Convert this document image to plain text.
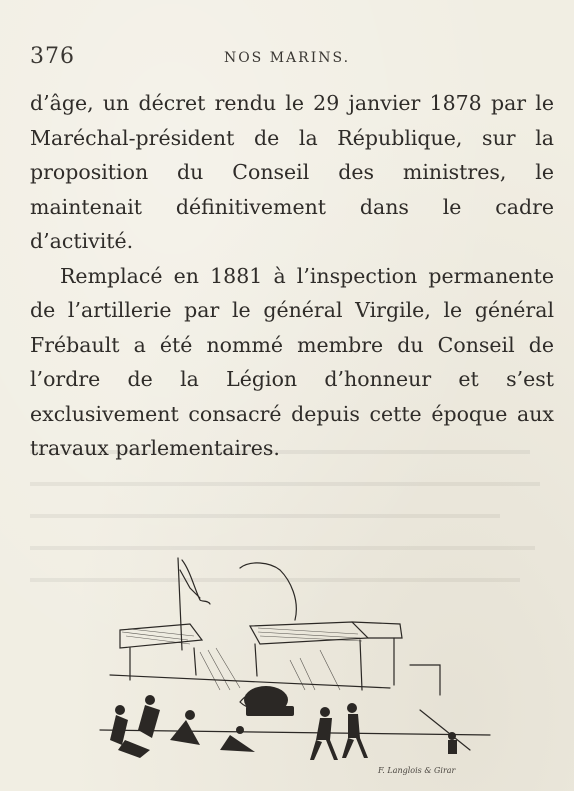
376	NOS MARINS.

d’âge, un décret rendu le 29 janvier 1878 par le Maréchal-président de la République, sur la proposition du Conseil des ministres, le maintenait définitivement dans le cadre d’activité.

Remplacé en 1881 à l’inspection permanente de l’artillerie par le général Virgile, le général Frébault a été nommé membre du Conseil de l’ordre de la Légion d’honneur et s’est exclusivement consacré depuis cette époque aux travaux parlementaires.

F. Langlois & Girar
